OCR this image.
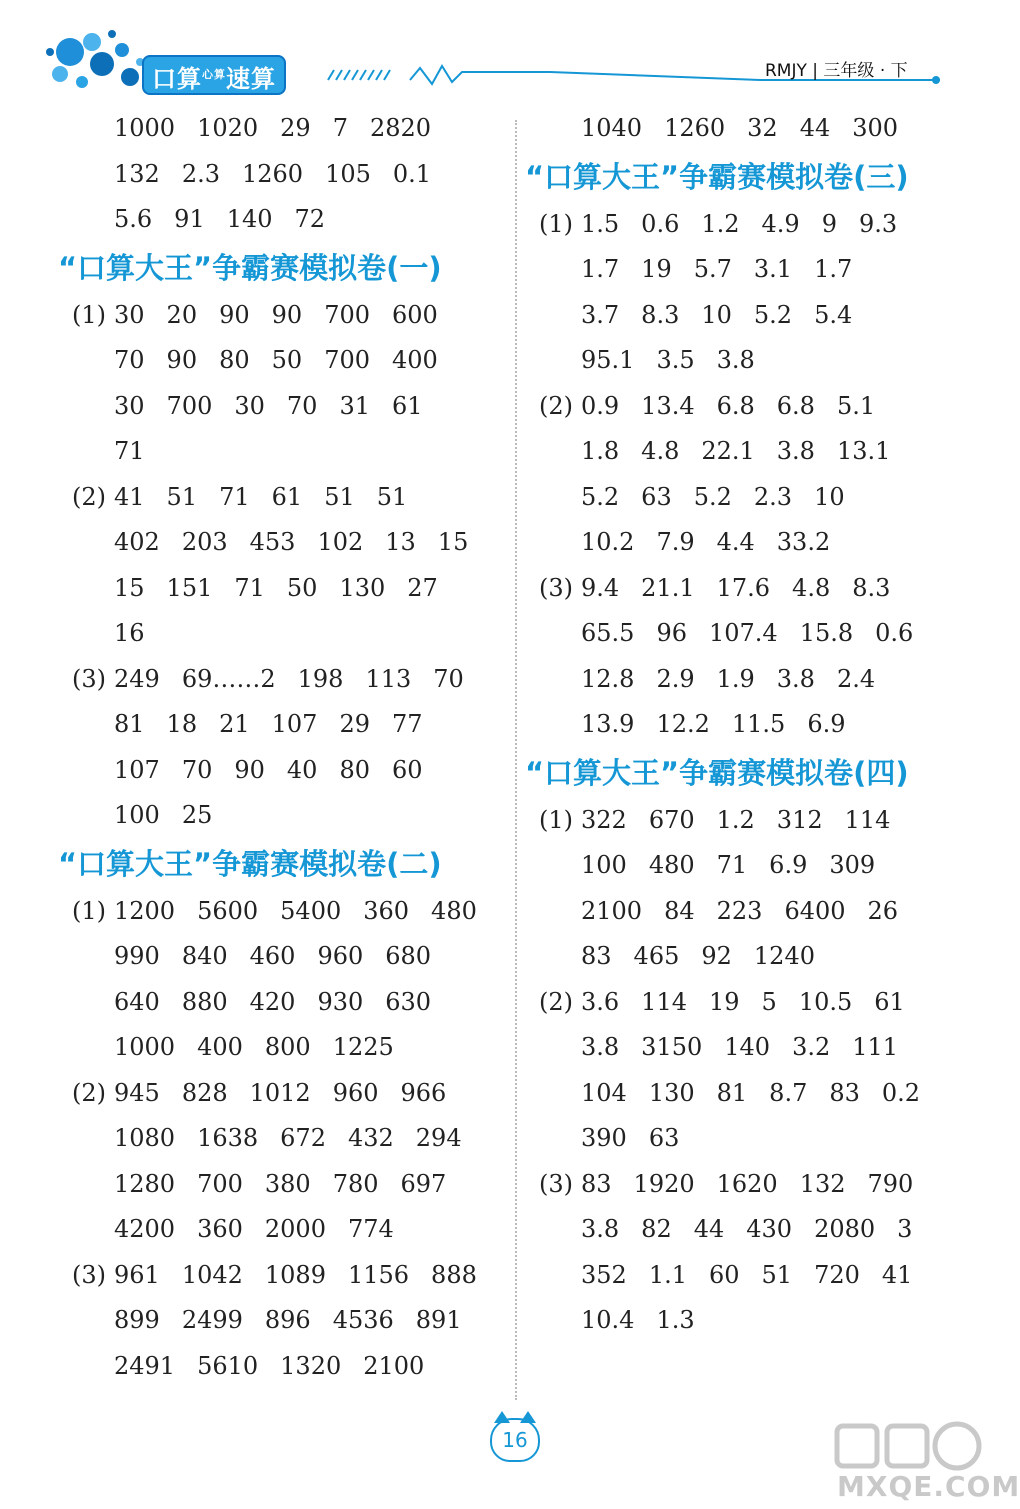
口算$^{心算}$速算	RMJY | 三年级 · 下
1000 1020 29 7 2820
132 2.3 1260 105 0.1
5.6 91 140 72
“口算大王”争霸赛模拟卷(一)
(1) 30 20 90 90 700 600
70 90 80 50 700 400
30 700 30 70 31 61
71
(2) 41 51 71 61 51 51
402 203 453 102 13 15
15 151 71 50 130 27
16
(3) 249 69……2 198 113 70
81 18 21 107 29 77
107 70 90 40 80 60
100 25
“口算大王”争霸赛模拟卷(二)
(1) 1200 5600 5400 360 480
990 840 460 960 680
640 880 420 930 630
1000 400 800 1225
(2) 945 828 1012 960 966
1080 1638 672 432 294
1280 700 380 780 697
4200 360 2000 774
(3) 961 1042 1089 1156 888
899 2499 896 4536 891
2491 5610 1320 2100
1040 1260 32 44 300
“口算大王”争霸赛模拟卷(三)
(1) 1.5 0.6 1.2 4.9 9 9.3
1.7 19 5.7 3.1 1.7
3.7 8.3 10 5.2 5.4
95.1 3.5 3.8
(2) 0.9 13.4 6.8 6.8 5.1
1.8 4.8 22.1 3.8 13.1
5.2 63 5.2 2.3 10
10.2 7.9 4.4 33.2
(3) 9.4 21.1 17.6 4.8 8.3
65.5 96 107.4 15.8 0.6
12.8 2.9 1.9 3.8 2.4
13.9 12.2 11.5 6.9
“口算大王”争霸赛模拟卷(四)
(1) 322 670 1.2 312 114
100 480 71 6.9 309
2100 84 223 6400 26
83 465 92 1240
(2) 3.6 114 19 5 10.5 61
3.8 3150 140 3.2 111
104 130 81 8.7 83 0.2
390 63
(3) 83 1920 1620 132 790
3.8 82 44 430 2080 3
352 1.1 60 51 720 41
10.4 1.3
16
MXQE.COM
